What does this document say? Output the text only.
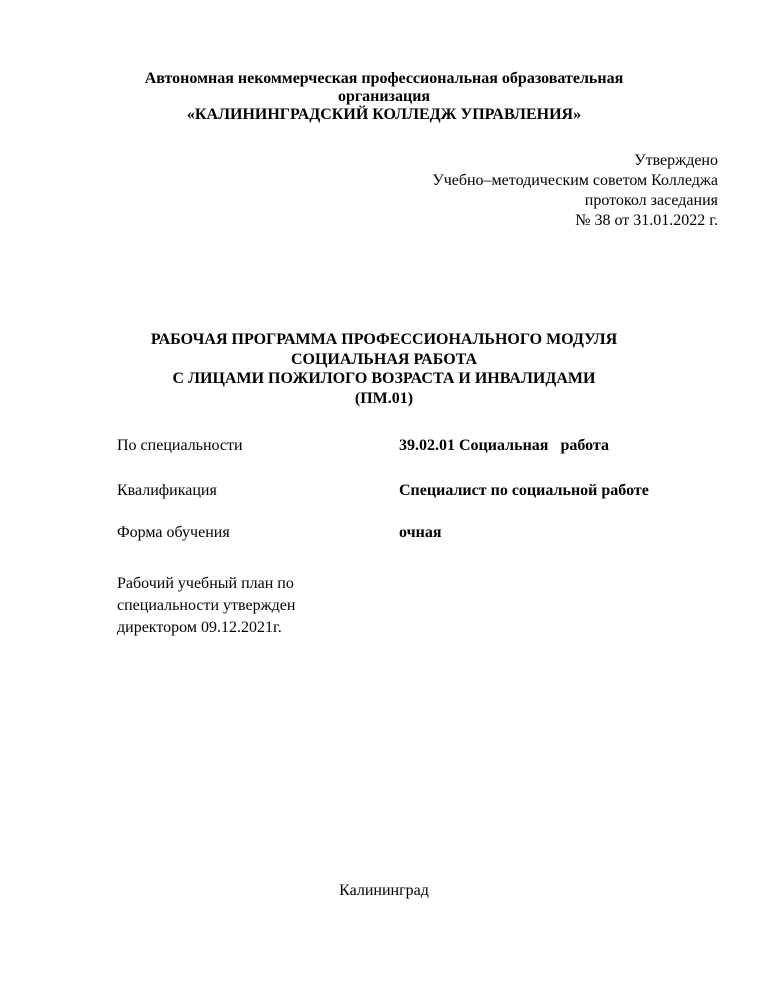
Автономная некоммерческая профессиональная образовательная
организация
«КАЛИНИНГРАДСКИЙ КОЛЛЕДЖ УПРАВЛЕНИЯ»
Утверждено
Учебно–методическим советом Колледжа
протокол заседания
№ 38 от 31.01.2022 г.
РАБОЧАЯ ПРОГРАММА ПРОФЕССИОНАЛЬНОГО МОДУЛЯ
СОЦИАЛЬНАЯ РАБОТА
С ЛИЦАМИ ПОЖИЛОГО ВОЗРАСТА И ИНВАЛИДАМИ
(ПМ.01)
По специальности	39.02.01 Социальная   работа
Квалификация	Специалист по социальной работе
Форма обучения	очная
Рабочий учебный план по
специальности утвержден
директором 09.12.2021г.
Калининград
